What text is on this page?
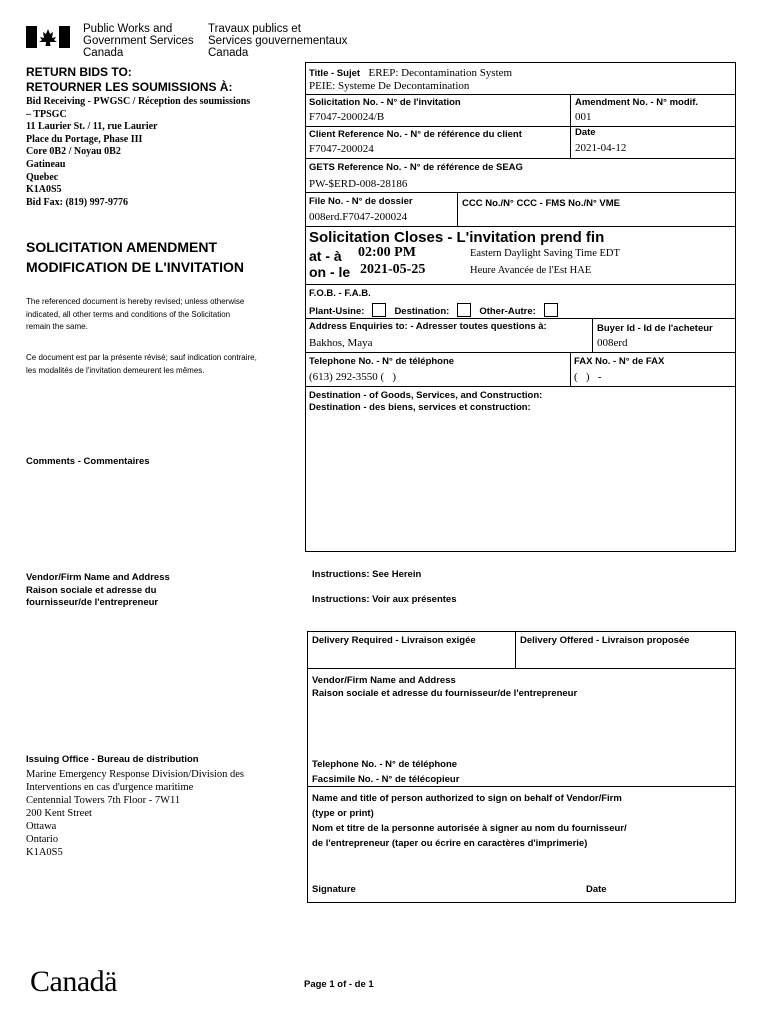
Public Works and
Government Services
Canada
Travaux publics et
Services gouvernementaux
Canada
RETURN BIDS TO:
RETOURNER LES SOUMISSIONS À:
Bid Receiving - PWGSC / Réception des soumissions
– TPSGC
11 Laurier St. / 11, rue Laurier
Place du Portage, Phase III
Core 0B2 / Noyau 0B2
Gatineau
Quebec
K1A0S5
Bid Fax: (819) 997-9776
SOLICITATION AMENDMENT
MODIFICATION DE L'INVITATION
The referenced document is hereby revised; unless otherwise
indicated, all other terms and conditions of the Solicitation
remain the same.
Ce document est par la présente révisé; sauf indication contraire,
les modalités de l'invitation demeurent les mêmes.
Comments - Commentaires
Vendor/Firm Name and Address
Raison sociale et adresse du
fournisseur/de l'entrepreneur
Issuing Office - Bureau de distribution
Marine Emergency Response Division/Division des
Interventions en cas d'urgence maritime
Centennial Towers 7th Floor - 7W11
200 Kent Street
Ottawa
Ontario
K1A0S5
Title - Sujet EREP: Decontamination System
PEIE: Systeme De Decontamination
Solicitation No. - N° de l'invitation
F7047-200024/B
Amendment No. - N° modif.
001
Client Reference No. - N° de référence du client
F7047-200024
Date
2021-04-12
GETS Reference No. - N° de référence de SEAG
PW-$ERD-008-28186
File No. - N° de dossier
008erd.F7047-200024
CCC No./N° CCC - FMS No./N° VME
Solicitation Closes - L'invitation prend fin
at - à 02:00 PM
on - le 2021-05-25
Eastern Daylight Saving Time EDT
Heure Avancée de l'Est HAE
F.O.B. - F.A.B.
Plant-Usine:	Destination:	Other-Autre:
Address Enquiries to: - Adresser toutes questions à:
Bakhos, Maya
Buyer Id - Id de l'acheteur
008erd
Telephone No. - N° de téléphone
(613) 292-3550 (   )
FAX No. - N° de FAX
(   )   -
Destination - of Goods, Services, and Construction:
Destination - des biens, services et construction:
Instructions: See Herein
Instructions: Voir aux présentes
Delivery Required - Livraison exigée	Delivery Offered - Livraison proposée
Vendor/Firm Name and Address
Raison sociale et adresse du fournisseur/de l'entrepreneur
Telephone No. - N° de téléphone
Facsimile No. - N° de télécopieur
Name and title of person authorized to sign on behalf of Vendor/Firm
(type or print)
Nom et titre de la personne autorisée à signer au nom du fournisseur/
de l'entrepreneur (taper ou écrire en caractères d'imprimerie)
Signature	Date
Canadä	Page 1 of - de 1
